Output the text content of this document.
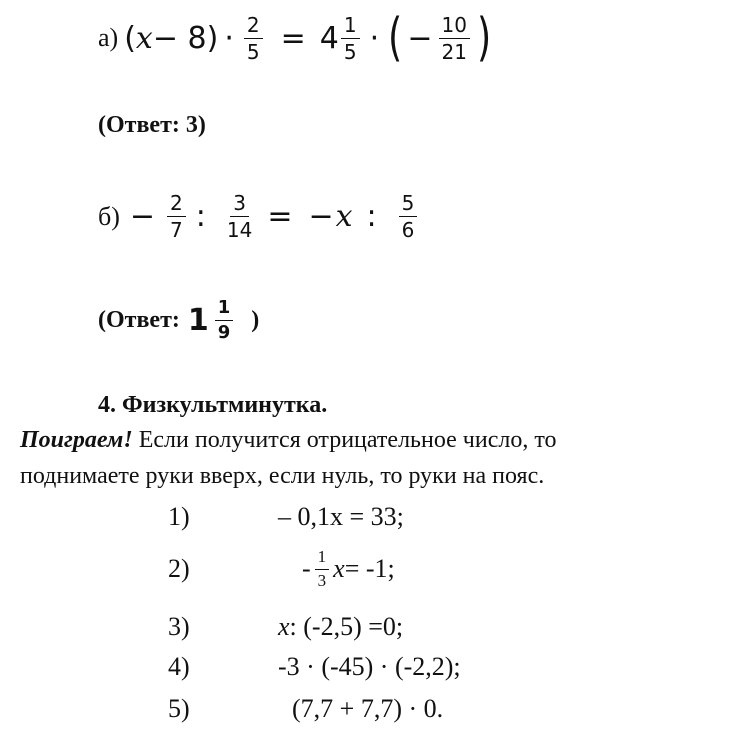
а) ( $x - 8) \cdot \frac{2}{5} = 4 \frac{1}{5}$ · ( − $\frac{10}{21}$ )
(Ответ: 3)
$б) - \frac{2}{7}$ : $\frac{3}{14}$ = − x : $\frac{5}{6}$
(Ответ: $1 \frac{1}{9}$ )
4. Физкультминутка.
Поиграем! Если получится отрицательное число, то
поднимаете руки вверх, если нуль, то руки на пояс.
1)	– 0,1x = 33;
2)	- $\frac{1}{3}$ x = -1;
3)	x : (-2,5) =0;
4)	-3 · (-45) · (-2,2);
5)	(7,7 + 7,7) · 0.
